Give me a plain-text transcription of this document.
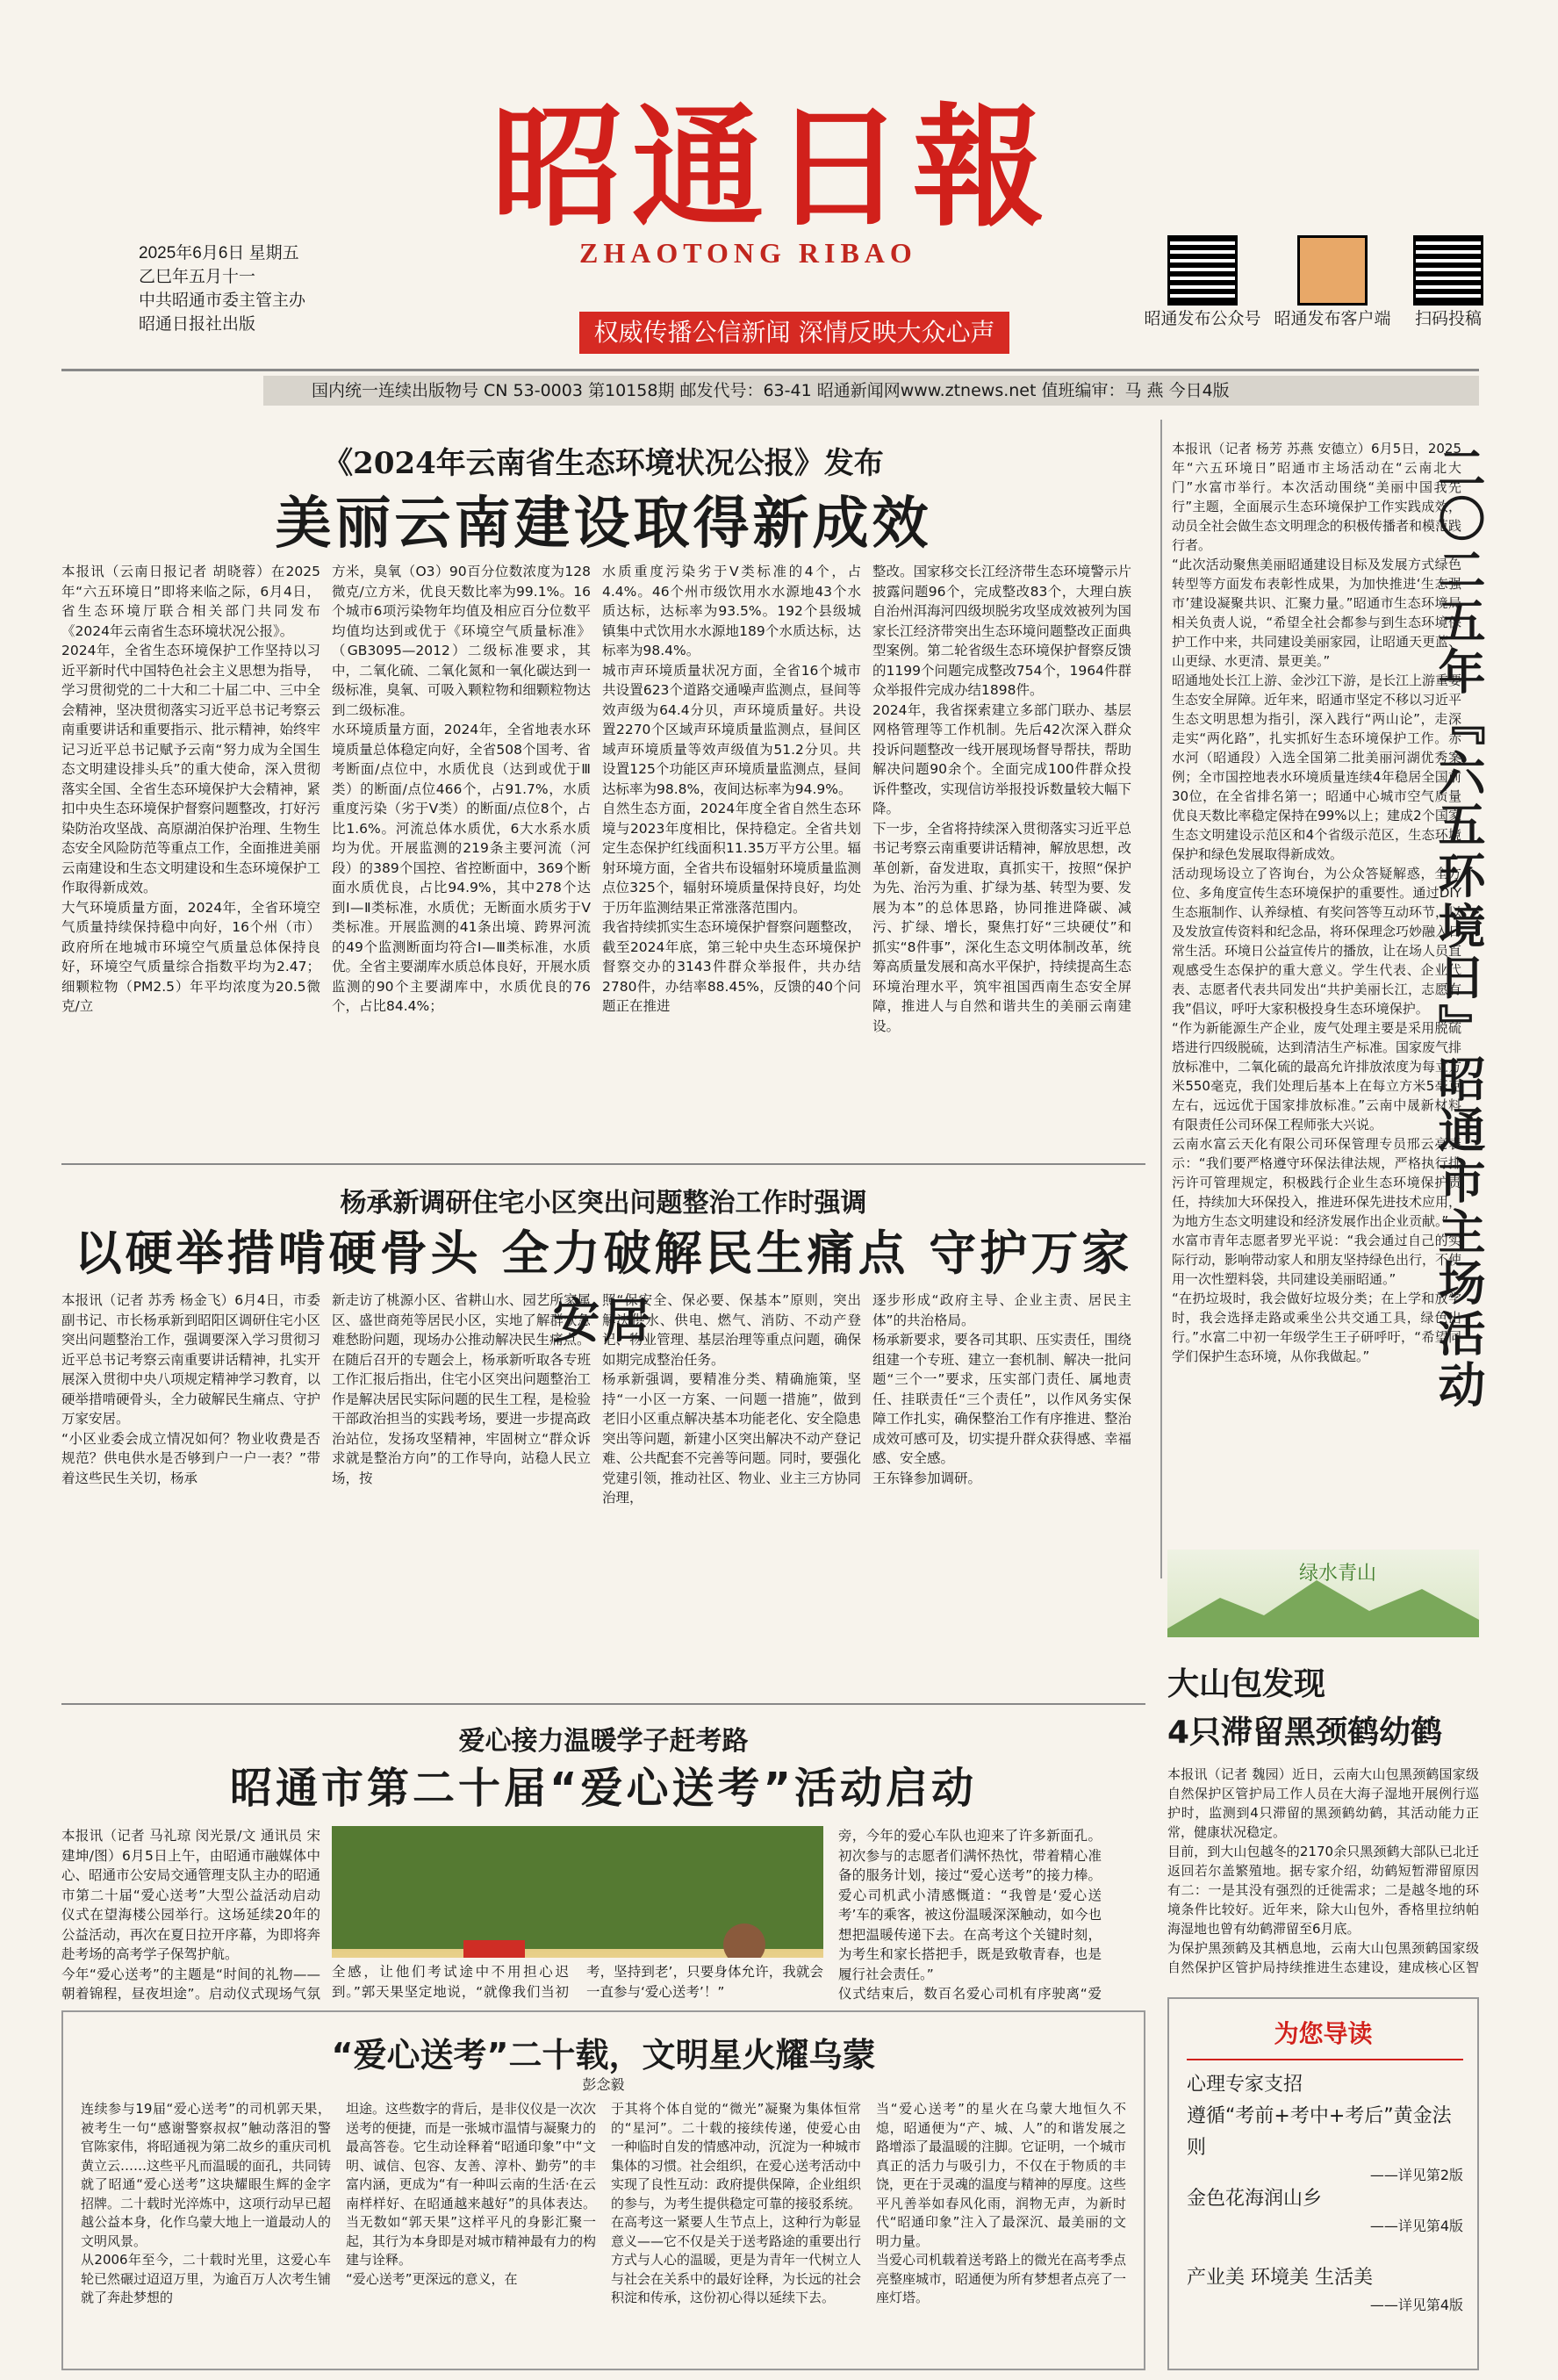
昭通日報
ZHAOTONG RIBAO
2025年6月6日 星期五
乙巳年五月十一
中共昭通市委主管主办
昭通日报社出版	权威传播公信新闻 深情反映大众心声	昭通发布公众号 昭通发布客户端	扫码投稿
国内统一连续出版物号 CN 53-0003 第10158期 邮发代号：63-41 昭通新闻网www.ztnews.net 值班编审：马 燕 今日4版
《2024年云南省生态环境状况公报》发布
美丽云南建设取得新成效
本报讯（云南日报记者 胡晓蓉）在2025年“六五环境日”即将来临之际，6月4日，省生态环境厅联合相关部门共同发布《2024年云南省生态环境状况公报》。
2024年，全省生态环境保护工作坚持以习近平新时代中国特色社会主义思想为指导，学习贯彻党的二十大和二十届二中、三中全会精神，坚决贯彻落实习近平总书记考察云南重要讲话和重要指示、批示精神，始终牢记习近平总书记赋予云南“努力成为全国生态文明建设排头兵”的重大使命，深入贯彻落实全国、全省生态环境保护大会精神，紧扣中央生态环境保护督察问题整改，打好污染防治攻坚战、高原湖泊保护治理、生物生态安全风险防范等重点工作，全面推进美丽云南建设和生态文明建设和生态环境保护工作取得新成效。
大气环境质量方面，2024年，全省环境空气质量持续保持稳中向好，16个州（市）政府所在地城市环境空气质量总体保持良好，环境空气质量综合指数平均为2.47；细颗粒物（PM2.5）年平均浓度为20.5微克/立
方米，臭氧（O3）90百分位数浓度为128微克/立方米，优良天数比率为99.1%。16个城市6项污染物年均值及相应百分位数平均值均达到或优于《环境空气质量标准》（GB3095—2012）二级标准要求，其中，二氧化硫、二氧化氮和一氧化碳达到一级标准，臭氧、可吸入颗粒物和细颗粒物达到二级标准。
水环境质量方面，2024年，全省地表水环境质量总体稳定向好，全省508个国考、省考断面/点位中，水质优良（达到或优于Ⅲ类）的断面/点位466个，占91.7%，水质重度污染（劣于Ⅴ类）的断面/点位8个，占比1.6%。河流总体水质优，6大水系水质均为优。开展监测的219条主要河流（河段）的389个国控、省控断面中，369个断面水质优良，占比94.9%，其中278个达到Ⅰ—Ⅱ类标准，水质优；无断面水质劣于Ⅴ类标准。开展监测的41条出境、跨界河流的49个监测断面均符合Ⅰ—Ⅲ类标准，水质优。全省主要湖库水质总体良好，开展水质监测的90个主要湖库中，水质优良的76个，占比84.4%；
水质重度污染劣于Ⅴ类标准的4个，占4.4%。46个州市级饮用水水源地43个水质达标，达标率为93.5%。192个县级城镇集中式饮用水水源地189个水质达标，达标率为98.4%。
城市声环境质量状况方面，全省16个城市共设置623个道路交通噪声监测点，昼间等效声级为64.4分贝，声环境质量好。共设置2270个区域声环境质量监测点，昼间区域声环境质量等效声级值为51.2分贝。共设置125个功能区声环境质量监测点，昼间达标率为98.8%，夜间达标率为94.9%。
自然生态方面，2024年度全省自然生态环境与2023年度相比，保持稳定。全省共划定生态保护红线面积11.35万平方公里。辐射环境方面，全省共布设辐射环境质量监测点位325个，辐射环境质量保持良好，均处于历年监测结果正常涨落范围内。
我省持续抓实生态环境保护督察问题整改，截至2024年底，第三轮中央生态环境保护督察交办的3143件群众举报件，共办结2780件，办结率88.45%，反馈的40个问题正在推进
整改。国家移交长江经济带生态环境警示片披露问题96个，完成整改83个，大理白族自治州洱海河四级坝脱劣攻坚成效被列为国家长江经济带突出生态环境问题整改正面典型案例。第二轮省级生态环境保护督察反馈的1199个问题完成整改754个，1964件群众举报件完成办结1898件。
2024年，我省探索建立多部门联办、基层网格管理等工作机制。先后42次深入群众投诉问题整改一线开展现场督导帮扶，帮助解决问题90余个。全面完成100件群众投诉件整改，实现信访举报投诉数量较大幅下降。
下一步，全省将持续深入贯彻落实习近平总书记考察云南重要讲话精神，解放思想，改革创新，奋发进取，真抓实干，按照“保护为先、治污为重、扩绿为基、转型为要、发展为本”的总体思路，协同推进降碳、减污、扩绿、增长，聚焦打好“三块硬仗”和抓实“8件事”，深化生态文明体制改革，统筹高质量发展和高水平保护，持续提高生态环境治理水平，筑牢祖国西南生态安全屏障，推进人与自然和谐共生的美丽云南建设。
杨承新调研住宅小区突出问题整治工作时强调
以硬举措啃硬骨头 全力破解民生痛点 守护万家安居
本报讯（记者 苏秀 杨金飞）6月4日，市委副书记、市长杨承新到昭阳区调研住宅小区突出问题整治工作，强调要深入学习贯彻习近平总书记考察云南重要讲话精神，扎实开展深入贯彻中央八项规定精神学习教育，以硬举措啃硬骨头，全力破解民生痛点、守护万家安居。
“小区业委会成立情况如何？物业收费是否规范？供电供水是否够到户一户一表？”带着这些民生关切，杨承
新走访了桃源小区、省耕山水、园艺所家属区、盛世商苑等居民小区，实地了解群众急难愁盼问题，现场办公推动解决民生痛点。
在随后召开的专题会上，杨承新听取各专班工作汇报后指出，住宅小区突出问题整治工作是解决居民实际问题的民生工程，是检验干部政治担当的实践考场，要进一步提高政治站位，发扬攻坚精神，牢固树立“群众诉求就是整治方向”的工作导向，站稳人民立场，按
照“保安全、保必要、保基本”原则，突出解决供水、供电、燃气、消防、不动产登记、物业管理、基层治理等重点问题，确保如期完成整治任务。
杨承新强调，要精准分类、精确施策，坚持“一小区一方案、一问题一措施”，做到老旧小区重点解决基本功能老化、安全隐患突出等问题，新建小区突出解决不动产登记难、公共配套不完善等问题。同时，要强化党建引领，推动社区、物业、业主三方协同治理，
逐步形成“政府主导、企业主责、居民主体”的共治格局。
杨承新要求，要各司其职、压实责任，围绕组建一个专班、建立一套机制、解决一批问题“三个一”要求，压实部门责任、属地责任、挂联责任“三个责任”，以作风务实保障工作扎实，确保整治工作有序推进、整治成效可感可及，切实提升群众获得感、幸福感、安全感。
王东锋参加调研。
爱心接力温暖学子赶考路
昭通市第二十届“爱心送考”活动启动
本报讯（记者 马礼琼 闵光景/文 通讯员 宋建坤/图）6月5日上午，由昭通市融媒体中心、昭通市公安局交通管理支队主办的昭通市第二十届“爱心送考”大型公益活动启动仪式在望海楼公园举行。这场延续20年的公益活动，再次在夏日拉开序幕，为即将奔赴考场的高考学子保驾护航。
今年“爱心送考”的主题是“时间的礼物——朝着锦程，昼夜坦途”。启动仪式现场气氛

全感，让他们考试途中不用担心迟到。”郭天果坚定地说，“就像我们当初
考，坚持到老’，只要身体允许，我就会一直参与‘爱心送考’！”

旁，今年的爱心车队也迎来了许多新面孔。初次参与的志愿者们满怀热忱，带着精心准备的服务计划，接过“爱心送考”的接力棒。爱心司机武小清感慨道：“我曾是‘爱心送考’车的乘客，被这份温暖深深触动，如今也想把温暖传递下去。在高考这个关键时刻，为考生和家长搭把手，既是致敬青春，也是履行社会责任。”
仪式结束后，数百名爱心司机有序驶离“爱

“爱心送考”二十载，文明星火耀乌蒙
彭念毅
连续参与19届“爱心送考”的司机郭天果，被考生一句“感谢警察叔叔”触动落泪的警官陈家伟，将昭通视为第二故乡的重庆司机黄立云……这些平凡而温暖的面孔，共同铸就了昭通“爱心送考”这块耀眼生辉的金字招牌。二十载时光淬炼中，这项行动早已超越公益本身，化作乌蒙大地上一道最动人的文明风景。
从2006年至今，二十载时光里，这爱心车轮已然碾过迢迢万里，为逾百万人次考生铺就了奔赴梦想的
坦途。这些数字的背后，是非仪仪是一次次送考的便捷，而是一张城市温情与凝聚力的最高答卷。它生动诠释着“昭通印象”中“文明、诚信、包容、友善、淳朴、勤劳”的丰富内涵，更成为“有一种叫云南的生活·在云南样样好、在昭通越来越好”的具体表达。当无数如“郭天果”这样平凡的身影汇聚一起，其行为本身即是对城市精神最有力的构建与诠释。
“爱心送考”更深远的意义，在
于其将个体自觉的“微光”凝聚为集体恒常的“星河”。二十载的接续传递，使爱心由一种临时自发的情感冲动，沉淀为一种城市集体的习惯。社会组织，在爱心送考活动中实现了良性互动：政府提供保障，企业组织的参与，为考生提供稳定可靠的接驳系统。在高考这一紧要人生节点上，这种行为彰显意义——它不仅是关于送考路途的重要出行方式与人心的温暖，更是为青年一代树立人与社会在关系中的最好诠释，为长远的社会积淀和传承，这份初心得以延续下去。
当“爱心送考”的星火在乌蒙大地恒久不熄，昭通便为“产、城、人”的和谐发展之路增添了最温暖的注脚。它证明，一个城市真正的活力与吸引力，不仅在于物质的丰饶，更在于灵魂的温度与精神的厚度。这些平凡善举如春风化雨，润物无声，为新时代“昭通印象”注入了最深沉、最美丽的文明力量。
当爱心司机载着送考路上的微光在高考季点亮整座城市，昭通便为所有梦想者点亮了一座灯塔。
本报讯（记者 杨芳 苏燕 安德立）6月5日，2025年“六五环境日”昭通市主场活动在“云南北大门”水富市举行。本次活动围绕“美丽中国我先行”主题，全面展示生态环境保护工作实践成效，动员全社会做生态文明理念的积极传播者和模范践行者。
“此次活动聚焦美丽昭通建设目标及发展方式绿色转型等方面发布表彰性成果，为加快推进‘生态强市’建设凝聚共识、汇聚力量。”昭通市生态环境局相关负责人说，“希望全社会都参与到生态环境保护工作中来，共同建设美丽家园，让昭通天更蓝、山更绿、水更清、景更美。”
昭通地处长江上游、金沙江下游，是长江上游重要生态安全屏障。近年来，昭通市坚定不移以习近平生态文明思想为指引，深入践行“两山论”，走深走实“两化路”，扎实抓好生态环境保护工作。赤水河（昭通段）入选全国第二批美丽河湖优秀案例；全市国控地表水环境质量连续4年稳居全国前30位，在全省排名第一；昭通中心城市空气质量优良天数比率稳定保持在99%以上；建成2个国家生态文明建设示范区和4个省级示范区，生态环境保护和绿色发展取得新成效。
活动现场设立了咨询台，为公众答疑解惑，全方位、多角度宣传生态环境保护的重要性。通过DIY生态瓶制作、认养绿植、有奖问答等互动环节，以及发放宣传资料和纪念品，将环保理念巧妙融入日常生活。环境日公益宣传片的播放，让在场人员直观感受生态保护的重大意义。学生代表、企业代表、志愿者代表共同发出“共护美丽长江，志愿有我”倡议，呼吁大家积极投身生态环境保护。
“作为新能源生产企业，废气处理主要是采用脱硫塔进行四级脱硫，达到清洁生产标准。国家废气排放标准中，二氧化硫的最高允许排放浓度为每立方米550毫克，我们处理后基本上在每立方米5毫克左右，远远优于国家排放标准。”云南中晟新材料有限责任公司环保工程师张大兴说。
云南水富云天化有限公司环保管理专员邢云亮表示：“我们要严格遵守环保法律法规，严格执行排污许可管理规定，积极践行企业生态环境保护责任，持续加大环保投入，推进环保先进技术应用，为地方生态文明建设和经济发展作出企业贡献。”
水富市青年志愿者罗光平说：“我会通过自己的实际行动，影响带动家人和朋友坚持绿色出行，不使用一次性塑料袋，共同建设美丽昭通。”
“在扔垃圾时，我会做好垃圾分类；在上学和放学时，我会选择走路或乘坐公共交通工具，绿色出行。”水富二中初一年级学生王子研呼吁，“希望同学们保护生态环境，从你我做起。”
二〇二五年『六五环境日』昭通市主场活动
绿水青山
大山包发现
4只滞留黑颈鹤幼鹤
本报讯（记者 魏园）近日，云南大山包黑颈鹤国家级自然保护区管护局工作人员在大海子湿地开展例行巡护时，监测到4只滞留的黑颈鹤幼鹤，其活动能力正常，健康状况稳定。
目前，到大山包越冬的2170余只黑颈鹤大部队已北迁返回若尔盖繁殖地。据专家介绍，幼鹤短暂滞留原因有二：一是其没有强烈的迁徙需求；二是越冬地的环境条件比较好。近年来，除大山包外，香格里拉纳帕海湿地也曾有幼鹤滞留至6月底。
为保护黑颈鹤及其栖息地，云南大山包黑颈鹤国家级自然保护区管护局持续推进生态建设，建成核心区智
为您导读
心理专家支招
遵循“考前+考中+考后”黄金法则
——详见第2版
金色花海润山乡
——详见第4版
产业美 环境美 生活美
——详见第4版
